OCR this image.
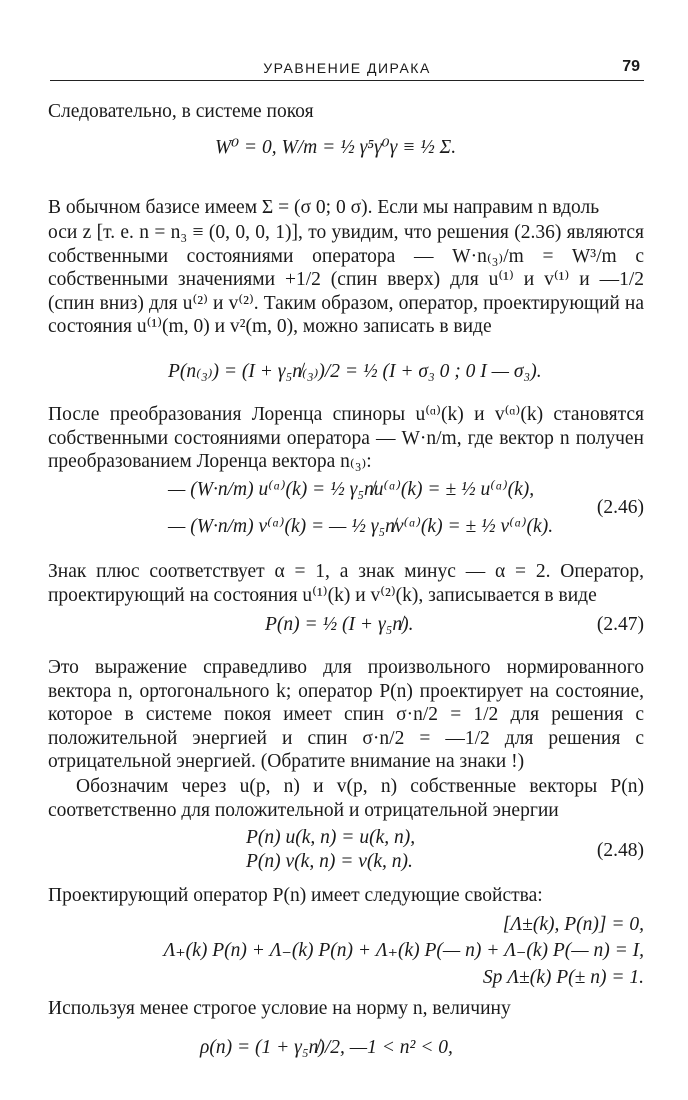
УРАВНЕНИЕ ДИРАКА	79
Следовательно, в системе покоя
W⁰ = 0, W/m = ½ γ⁵γ⁰γ ≡ ½ Σ.
В обычном базисе имеем Σ = (σ 0; 0 σ). Если мы направим n вдоль
оси z [т. е. n = n₃ ≡ (0, 0, 0, 1)], то увидим, что решения (2.36) являются собственными состояниями оператора — W·n₍₃₎/m = W³/m с собственными значениями +1/2 (спин вверх) для u⁽¹⁾ и v⁽¹⁾ и —1/2 (спин вниз) для u⁽²⁾ и v⁽²⁾. Таким образом, оператор, проектирующий на состояния u⁽¹⁾(m, 0) и v²(m, 0), можно записать в виде
P(n₍₃₎) = (I + γ₅n̸₍₃₎)/2 = ½ (I + σ₃ 0 ; 0 I — σ₃).
После преобразования Лоренца спиноры u⁽ᵅ⁾(k) и v⁽ᵅ⁾(k) становятся собственными состояниями оператора — W·n/m, где вектор n получен преобразованием Лоренца вектора n₍₃₎:
— (W·n/m) u⁽ᵅ⁾(k) = ½ γ₅n̸u⁽ᵅ⁾(k) = ± ½ u⁽ᵅ⁾(k),
— (W·n/m) v⁽ᵅ⁾(k) = — ½ γ₅n̸v⁽ᵅ⁾(k) = ± ½ v⁽ᵅ⁾(k).
(2.46)
Знак плюс соответствует α = 1, а знак минус — α = 2. Оператор, проектирующий на состояния u⁽¹⁾(k) и v⁽²⁾(k), записывается в виде
P(n) = ½ (I + γ₅n̸).	(2.47)
Это выражение справедливо для произвольного нормированного вектора n, ортогонального k; оператор P(n) проектирует на состояние, которое в системе покоя имеет спин σ·n/2 = 1/2 для решения с положительной энергией и спин σ·n/2 = —1/2 для решения с отрицательной энергией. (Обратите внимание на знаки !)
Обозначим через u(p, n) и v(p, n) собственные векторы P(n) соответственно для положительной и отрицательной энергии
P(n) u(k, n) = u(k, n),
P(n) v(k, n) = v(k, n).
(2.48)
Проектирующий оператор P(n) имеет следующие свойства:
[Λ±(k), P(n)] = 0,
Λ₊(k) P(n) + Λ₋(k) P(n) + Λ₊(k) P(— n) + Λ₋(k) P(— n) = I,
Sp Λ±(k) P(± n) = 1.
Используя менее строгое условие на норму n, величину
ρ(n) = (1 + γ₅n̸)/2, —1 < n² < 0,
